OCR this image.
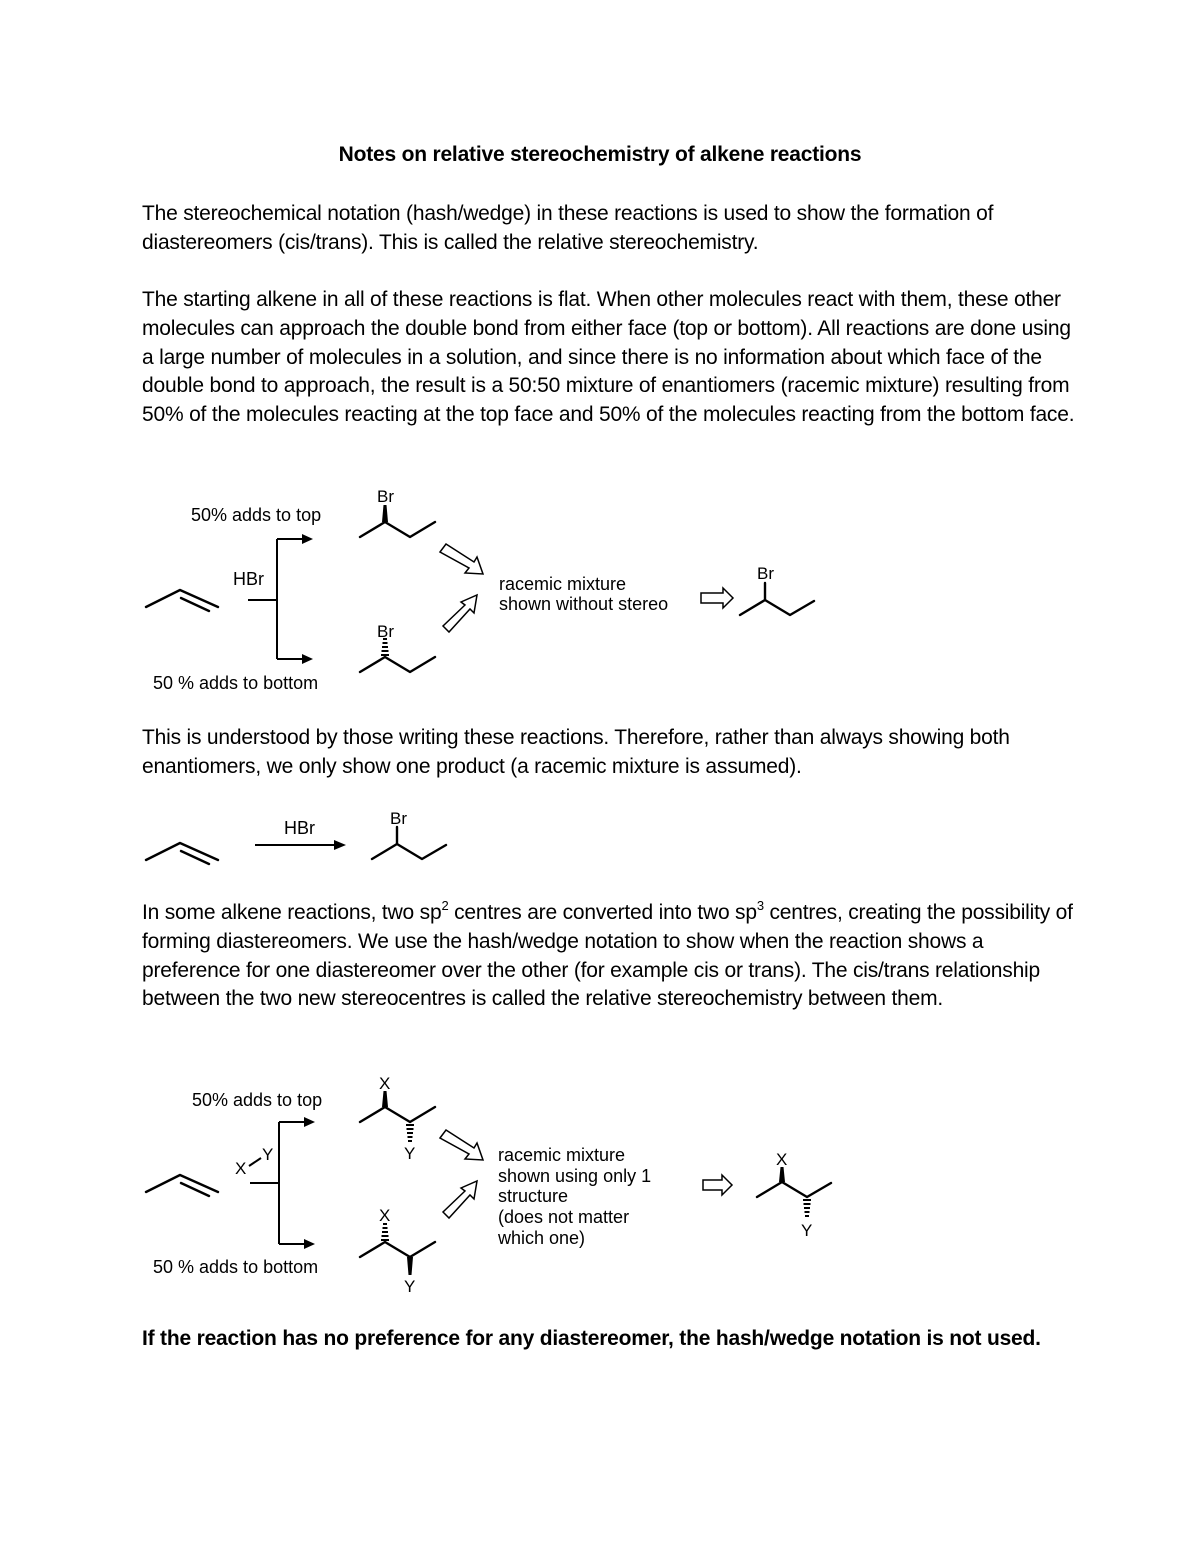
Notes on relative stereochemistry of alkene reactions
The stereochemical notation (hash/wedge) in these reactions is used to show the formation of diastereomers (cis/trans). This is called the relative stereochemistry.
The starting alkene in all of these reactions is flat. When other molecules react with them, these other molecules can approach the double bond from either face (top or bottom). All reactions are done using a large number of molecules in a solution, and since there is no information about which face of the double bond to approach, the result is a 50:50 mixture of enantiomers (racemic mixture) resulting from 50% of the molecules reacting at the top face and 50% of the molecules reacting from the bottom face.
HBr
50% adds to top
50 % adds to bottom
Br
Br
racemic mixture
shown without stereo
Br
This is understood by those writing these reactions. Therefore, rather than always showing both enantiomers, we only show one product (a racemic mixture is assumed).
HBr	Br
In some alkene reactions, two $sp^2$ centres are converted into two $sp^3$ centres, creating the possibility of forming diastereomers. We use the hash/wedge notation to show when the reaction shows a preference for one diastereomer over the other (for example cis or trans). The cis/trans relationship between the two new stereocentres is called the relative stereochemistry between them.
X
Y
50% adds to top
50 % adds to bottom
X
Y
X
Y
racemic mixture
shown using only 1
structure
(does not matter
which one)
X
Y
If the reaction has no preference for any diastereomer, the hash/wedge notation is not used.
